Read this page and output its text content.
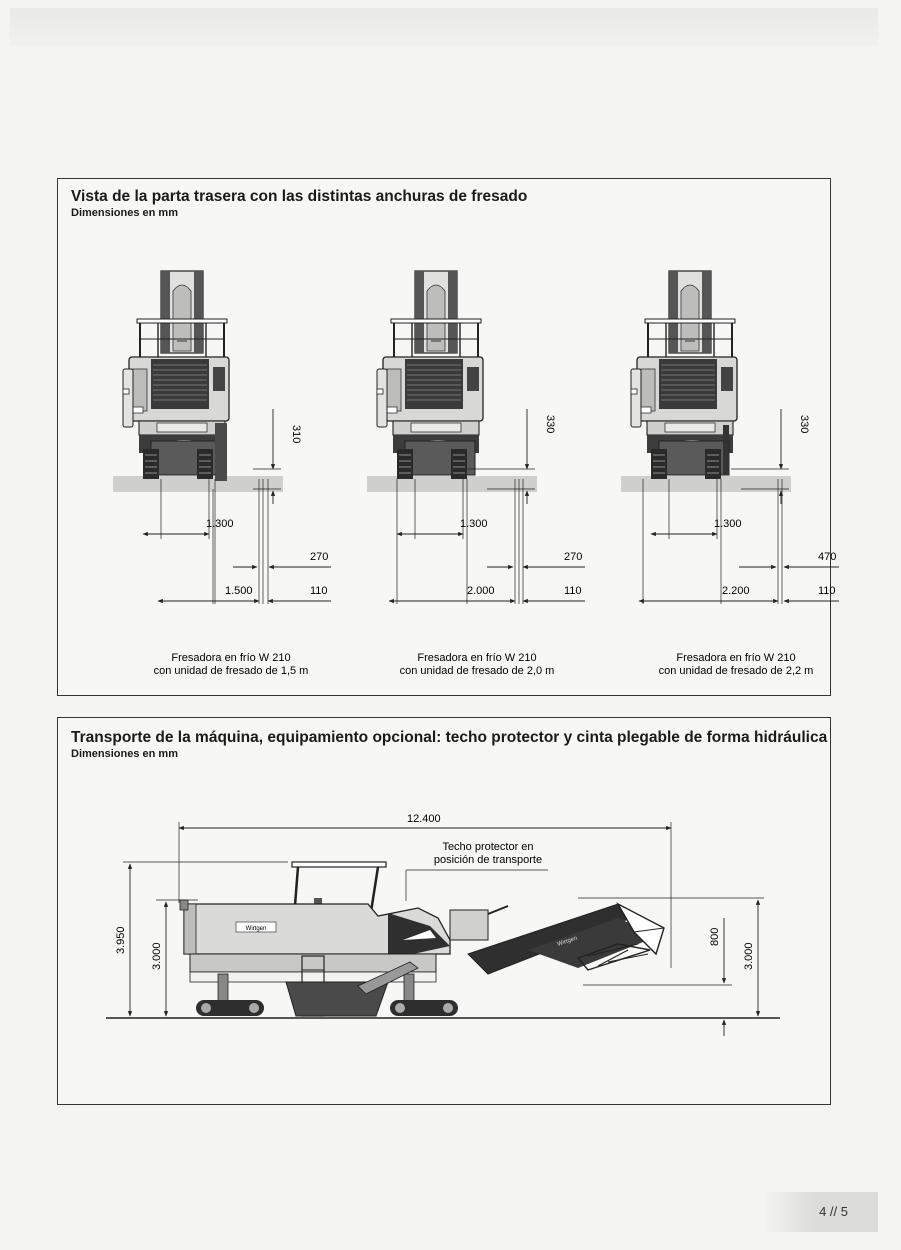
Vista de la parta trasera con las distintas anchuras de fresado
Dimensiones en mm
310
1.300
270
1.500	110
Fresadora en frío W 210
con unidad de fresado de 1,5 m
330
1.300
270
2.000	110
Fresadora en frío W 210
con unidad de fresado de 2,0 m
330
1.300
470
2.200	110
Fresadora en frío W 210
con unidad de fresado de 2,2 m
Transporte de la máquina, equipamiento opcional: techo protector y cinta plegable de forma hidráulica
Dimensiones en mm
12.400
Techo protector en
posición de transporte
3.950
3.000	3.000
800
Wirtgen
Wirtgen
4 // 5
